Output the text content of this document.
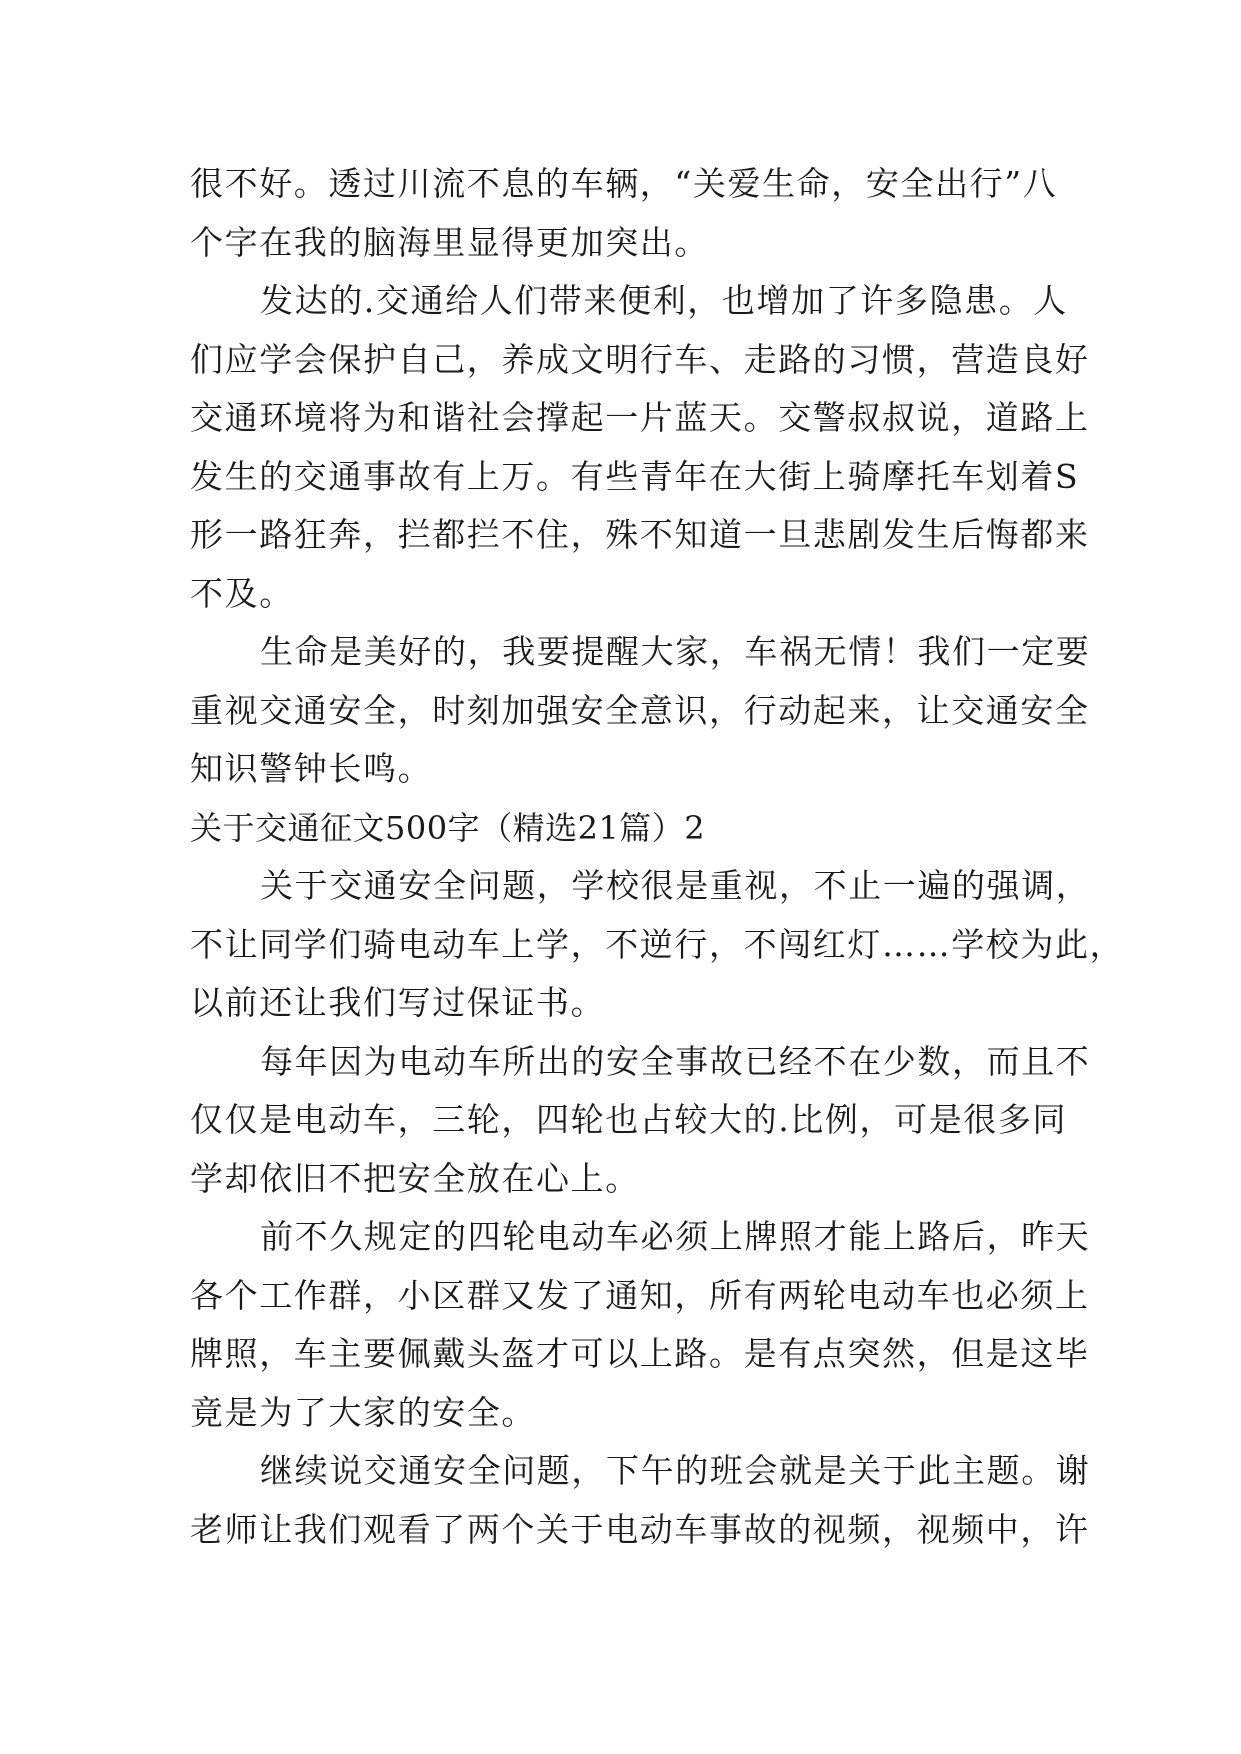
很不好。透过川流不息的车辆，“关爱生命，安全出行”八
个字在我的脑海里显得更加突出。
发达的.交通给人们带来便利，也增加了许多隐患。人
们应学会保护自己，养成文明行车、走路的习惯，营造良好
交通环境将为和谐社会撑起一片蓝天。交警叔叔说，道路上
发生的交通事故有上万。有些青年在大街上骑摩托车划着S
形一路狂奔，拦都拦不住，殊不知道一旦悲剧发生后悔都来
不及。
生命是美好的，我要提醒大家，车祸无情！我们一定要
重视交通安全，时刻加强安全意识，行动起来，让交通安全
知识警钟长鸣。
关于交通征文500字（精选21篇）2
关于交通安全问题，学校很是重视，不止一遍的强调，
不让同学们骑电动车上学，不逆行，不闯红灯……学校为此，
以前还让我们写过保证书。
每年因为电动车所出的安全事故已经不在少数，而且不
仅仅是电动车，三轮，四轮也占较大的.比例，可是很多同
学却依旧不把安全放在心上。
前不久规定的四轮电动车必须上牌照才能上路后，昨天
各个工作群，小区群又发了通知，所有两轮电动车也必须上
牌照，车主要佩戴头盔才可以上路。是有点突然，但是这毕
竟是为了大家的安全。
继续说交通安全问题，下午的班会就是关于此主题。谢
老师让我们观看了两个关于电动车事故的视频，视频中，许
